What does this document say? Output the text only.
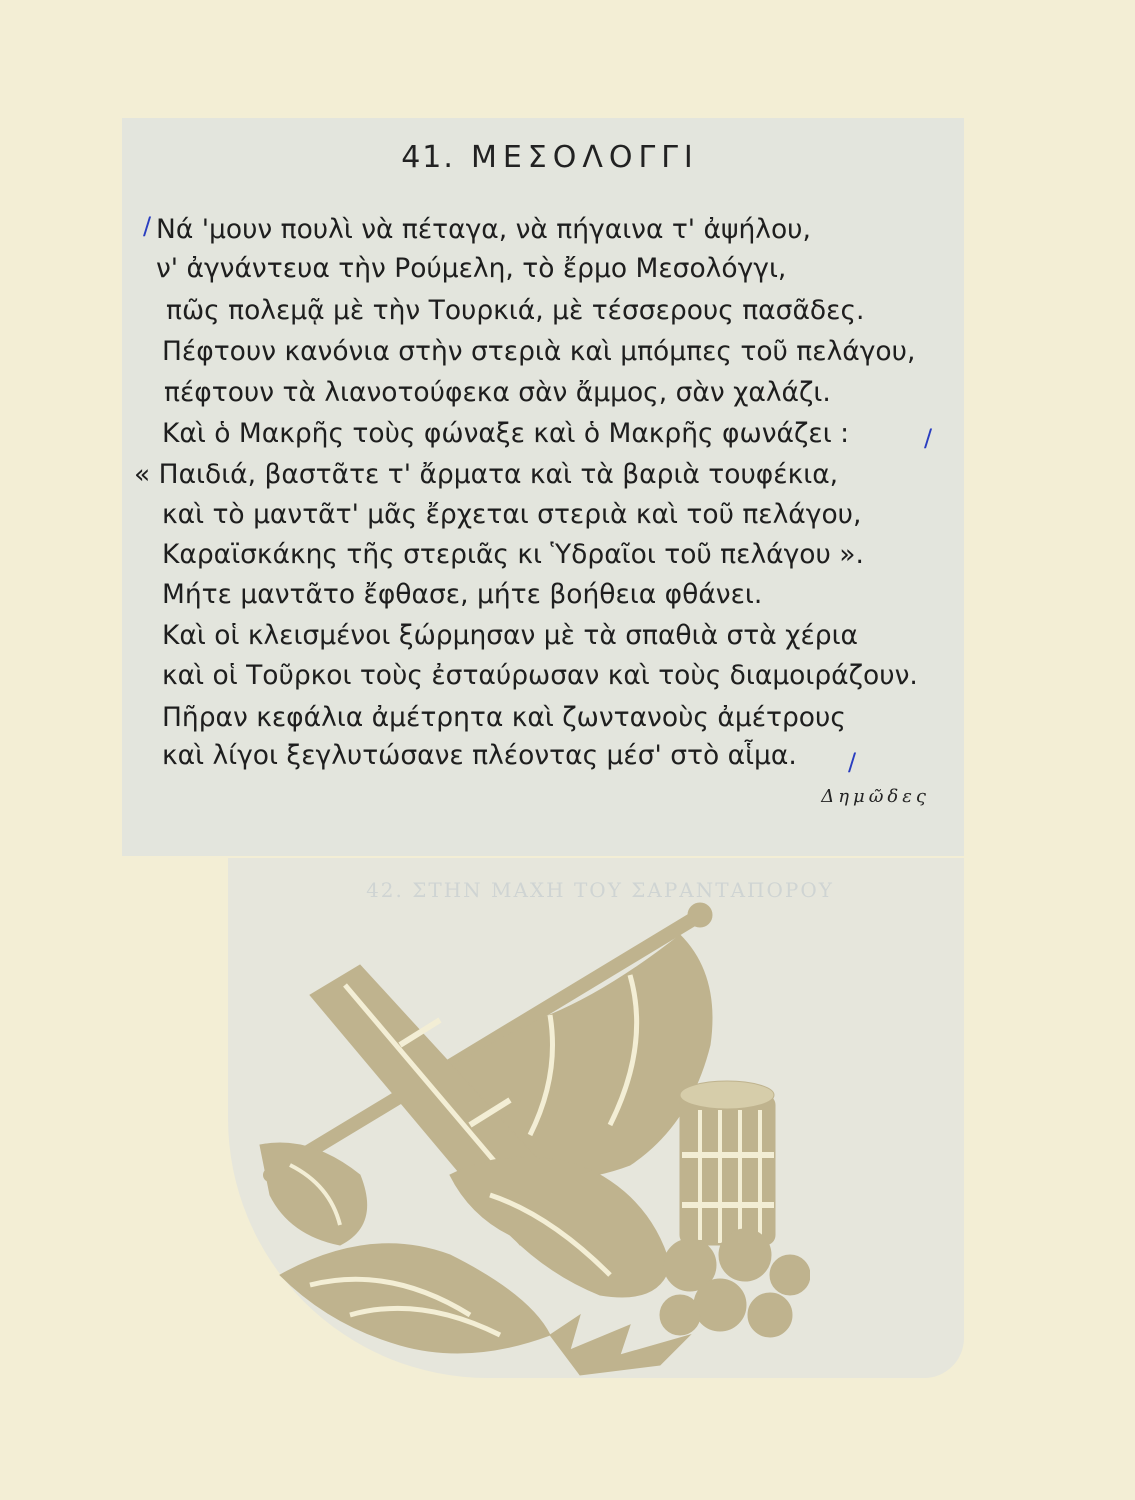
42. ΣΤΗΝ ΜΑΧΗ ΤΟΥ ΣΑΡΑΝΤΑΠΟΡΟΥ
41. ΜΕΣΟΛΟΓΓΙ
Νά 'μουν πουλὶ νὰ πέταγα, νὰ πήγαινα τ' ἀψήλου,
ν' ἀγνάντευα τὴν Ρούμελη, τὸ ἔρμο Μεσολόγγι,
πῶς πολεμᾷ μὲ τὴν Τουρκιά, μὲ τέσσερους πασᾶδες.
Πέφτουν κανόνια στὴν στεριὰ καὶ μπόμπες τοῦ πελάγου,
πέφτουν τὰ λιανοτούφεκα σὰν ἄμμος, σὰν χαλάζι.
Καὶ ὁ Μακρῆς τοὺς φώναξε καὶ ὁ Μακρῆς φωνάζει :
« Παιδιά, βαστᾶτε τ' ἄρματα καὶ τὰ βαριὰ τουφέκια,
καὶ τὸ μαντᾶτ' μᾶς ἔρχεται στεριὰ καὶ τοῦ πελάγου,
Καραϊσκάκης τῆς στεριᾶς κι Ὑδραῖοι τοῦ πελάγου ».
Μήτε μαντᾶτο ἔφθασε, μήτε βοήθεια φθάνει.
Καὶ οἱ κλεισμένοι ξώρμησαν μὲ τὰ σπαθιὰ στὰ χέρια
καὶ οἱ Τοῦρκοι τοὺς ἐσταύρωσαν καὶ τοὺς διαμοιράζουν.
Πῆραν κεφάλια ἀμέτρητα καὶ ζωντανοὺς ἀμέτρους
καὶ λίγοι ξεγλυτώσανε πλέοντας μέσ' στὸ αἷμα.
/
/
/
Δημῶδες
